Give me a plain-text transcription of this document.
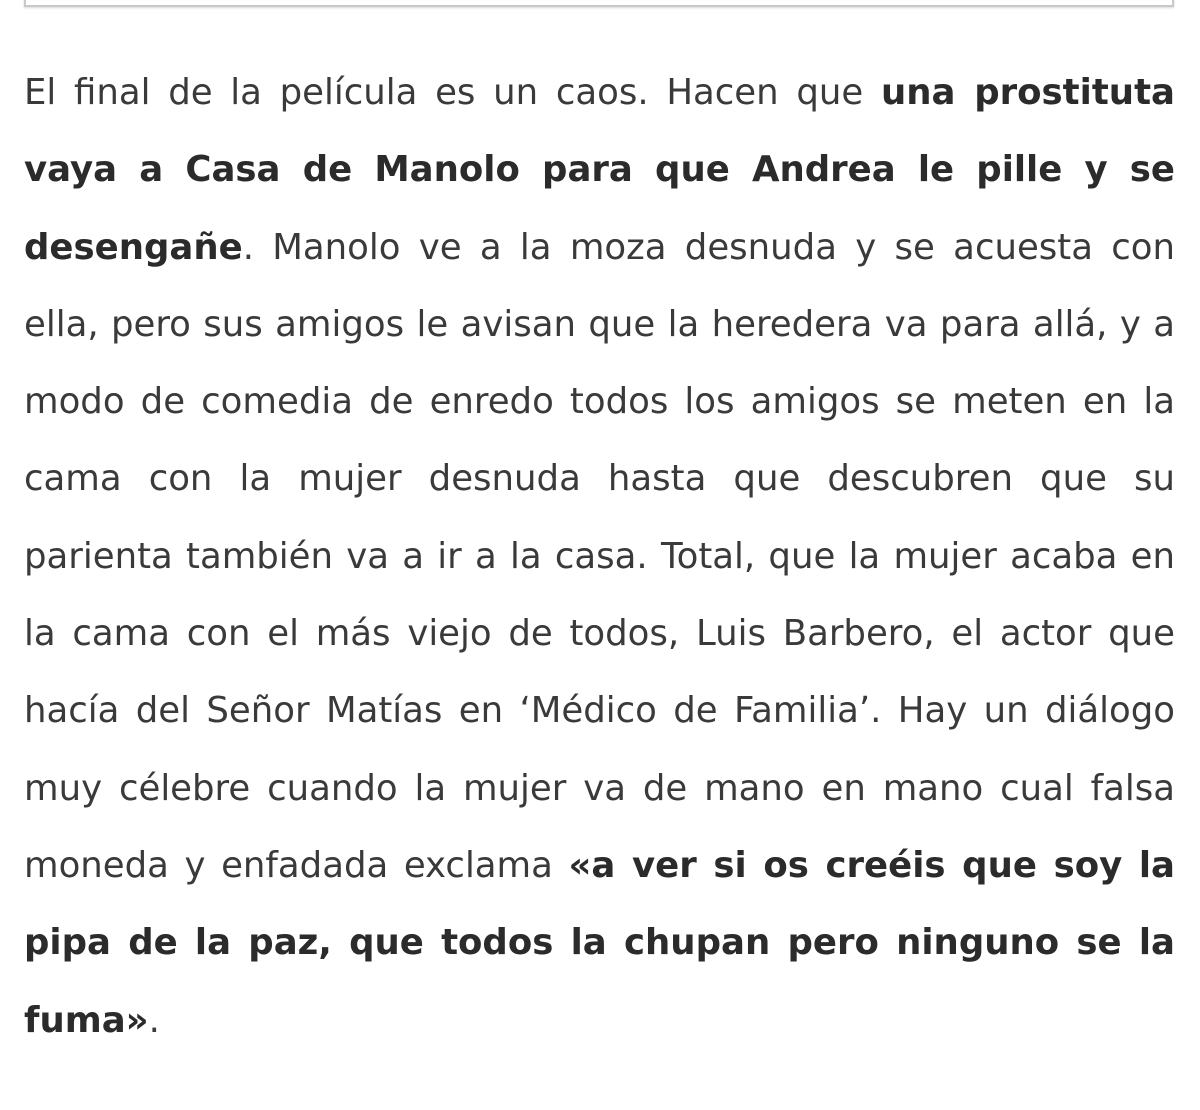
El final de la película es un caos. Hacen que una prostituta vaya a Casa de Manolo para que Andrea le pille y se desengañe. Manolo ve a la moza desnuda y se acuesta con ella, pero sus amigos le avisan que la heredera va para allá, y a modo de comedia de enredo todos los amigos se meten en la cama con la mujer desnuda hasta que descubren que su parienta también va a ir a la casa. Total, que la mujer acaba en la cama con el más viejo de todos, Luis Barbero, el actor que hacía del Señor Matías en ‘Médico de Familia’. Hay un diálogo muy célebre cuando la mujer va de mano en mano cual falsa moneda y enfadada exclama «a ver si os creéis que soy la pipa de la paz, que todos la chupan pero ninguno se la fuma».
